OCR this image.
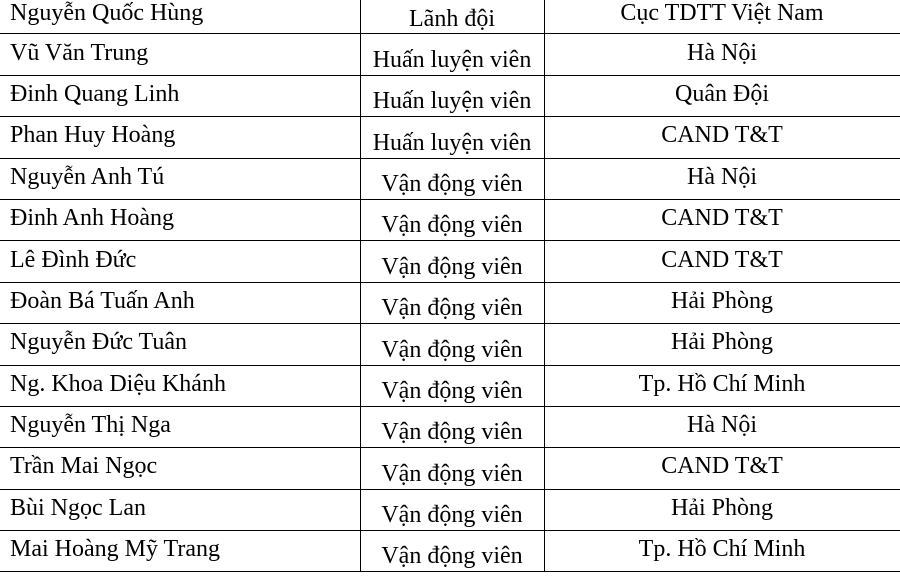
Nguyễn Quốc Hùng	Lãnh đội	Cục TDTT Việt Nam
Vũ Văn Trung	Huấn luyện viên	Hà Nội
Đinh Quang Linh	Huấn luyện viên	Quân Đội
Phan Huy Hoàng	Huấn luyện viên	CAND T&T
Nguyễn Anh Tú	Vận động viên	Hà Nội
Đinh Anh Hoàng	Vận động viên	CAND T&T
Lê Đình Đức	Vận động viên	CAND T&T
Đoàn Bá Tuấn Anh	Vận động viên	Hải Phòng
Nguyễn Đức Tuân	Vận động viên	Hải Phòng
Ng. Khoa Diệu Khánh	Vận động viên	Tp. Hồ Chí Minh
Nguyễn Thị Nga	Vận động viên	Hà Nội
Trần Mai Ngọc	Vận động viên	CAND T&T
Bùi Ngọc Lan	Vận động viên	Hải Phòng
Mai Hoàng Mỹ Trang	Vận động viên	Tp. Hồ Chí Minh
